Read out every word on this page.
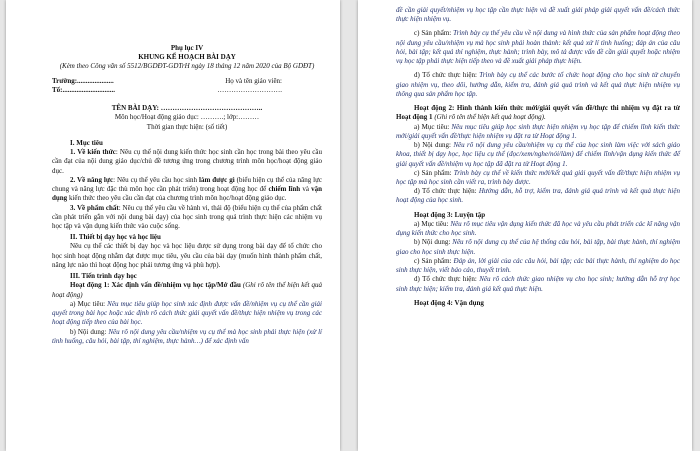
Phụ lục IV

KHUNG KẾ HOẠCH BÀI DẠY

(Kèm theo Công văn số 5512/BGDĐT-GDTrH ngày 18 tháng 12 năm 2020 của Bộ GDĐT)

Trường:.....................	Họ và tên giáo viên:
Tổ:..............................	……………………….

TÊN BÀI DẠY: ……………………………………..

Môn học/Hoạt động giáo dục: ……….; lớp:………

Thời gian thực hiện: (số tiết)

I. Mục tiêu

1. Về kiến thức: Nêu cụ thể nội dung kiến thức học sinh cần học trong bài theo yêu cầu cần đạt của nội dung giáo dục/chủ đề tương ứng trong chương trình môn học/hoạt động giáo dục.

2. Về năng lực: Nêu cụ thể yêu cầu học sinh làm được gì (biểu hiện cụ thể của năng lực chung và năng lực đặc thù môn học cần phát triển) trong hoạt động học để chiếm lĩnh và vận dụng kiến thức theo yêu cầu cần đạt của chương trình môn học/hoạt động giáo dục.

3. Về phẩm chất: Nêu cụ thể yêu cầu về hành vi, thái độ (biểu hiện cụ thể của phẩm chất cần phát triển gắn với nội dung bài dạy) của học sinh trong quá trình thực hiện các nhiệm vụ học tập và vận dụng kiến thức vào cuộc sống.

II. Thiết bị dạy học và học liệu

Nêu cụ thể các thiết bị dạy học và học liệu được sử dụng trong bài dạy để tổ chức cho học sinh hoạt động nhằm đạt được mục tiêu, yêu cầu của bài dạy (muốn hình thành phẩm chất, năng lực nào thì hoạt động học phải tương ứng và phù hợp).

III. Tiến trình dạy học

Hoạt động 1: Xác định vấn đề/nhiệm vụ học tập/Mở đầu (Ghi rõ tên thể hiện kết quả hoạt động)

a) Mục tiêu: Nêu mục tiêu giúp học sinh xác định được vấn đề/nhiệm vụ cụ thể cần giải quyết trong bài học hoặc xác định rõ cách thức giải quyết vấn đề/thực hiện nhiệm vụ trong các hoạt động tiếp theo của bài học.

b) Nội dung: Nêu rõ nội dung yêu cầu/nhiệm vụ cụ thể mà học sinh phải thực hiện (xử lí tình huống, câu hỏi, bài tập, thí nghiệm, thực hành…) để xác định vấn

đề cần giải quyết/nhiệm vụ học tập cần thực hiện và đề xuất giải pháp giải quyết vấn đề/cách thức thực hiện nhiệm vụ.

c) Sản phẩm: Trình bày cụ thể yêu cầu về nội dung và hình thức của sản phẩm hoạt động theo nội dung yêu cầu/nhiệm vụ mà học sinh phải hoàn thành: kết quả xử lí tình huống; đáp án của câu hỏi, bài tập; kết quả thí nghiệm, thực hành; trình bày, mô tả được vấn đề cần giải quyết hoặc nhiệm vụ học tập phải thực hiện tiếp theo và đề xuất giải pháp thực hiện.

d) Tổ chức thực hiện: Trình bày cụ thể các bước tổ chức hoạt động cho học sinh từ chuyển giao nhiệm vụ, theo dõi, hướng dẫn, kiểm tra, đánh giá quá trình và kết quả thực hiện nhiệm vụ thông qua sản phẩm học tập.

Hoạt động 2: Hình thành kiến thức mới/giải quyết vấn đề/thực thi nhiệm vụ đặt ra từ Hoạt động 1 (Ghi rõ tên thể hiện kết quả hoạt động).

a) Mục tiêu: Nêu mục tiêu giúp học sinh thực hiện nhiệm vụ học tập để chiếm lĩnh kiến thức mới/giải quyết vấn đề/thực hiện nhiệm vụ đặt ra từ Hoạt động 1.

b) Nội dung: Nêu rõ nội dung yêu cầu/nhiệm vụ cụ thể của học sinh làm việc với sách giáo khoa, thiết bị dạy học, học liệu cụ thể (đọc/xem/nghe/nói/làm) để chiếm lĩnh/vận dụng kiến thức để giải quyết vấn đề/nhiệm vụ học tập đã đặt ra từ Hoạt động 1.

c) Sản phẩm: Trình bày cụ thể về kiến thức mới/kết quả giải quyết vấn đề/thực hiện nhiệm vụ học tập mà học sinh cần viết ra, trình bày được.

d) Tổ chức thực hiện: Hướng dẫn, hỗ trợ, kiểm tra, đánh giá quá trình và kết quả thực hiện hoạt động của học sinh.

Hoạt động 3: Luyện tập

a) Mục tiêu: Nêu rõ mục tiêu vận dụng kiến thức đã học và yêu cầu phát triển các kĩ năng vận dụng kiến thức cho học sinh.

b) Nội dung: Nêu rõ nội dung cụ thể của hệ thống câu hỏi, bài tập, bài thực hành, thí nghiệm giao cho học sinh thực hiện.

c) Sản phẩm: Đáp án, lời giải của các câu hỏi, bài tập; các bài thực hành, thí nghiệm do học sinh thực hiện, viết báo cáo, thuyết trình.

d) Tổ chức thực hiện: Nêu rõ cách thức giao nhiệm vụ cho học sinh; hướng dẫn hỗ trợ học sinh thực hiện; kiểm tra, đánh giá kết quả thực hiện.

Hoạt động 4: Vận dụng
